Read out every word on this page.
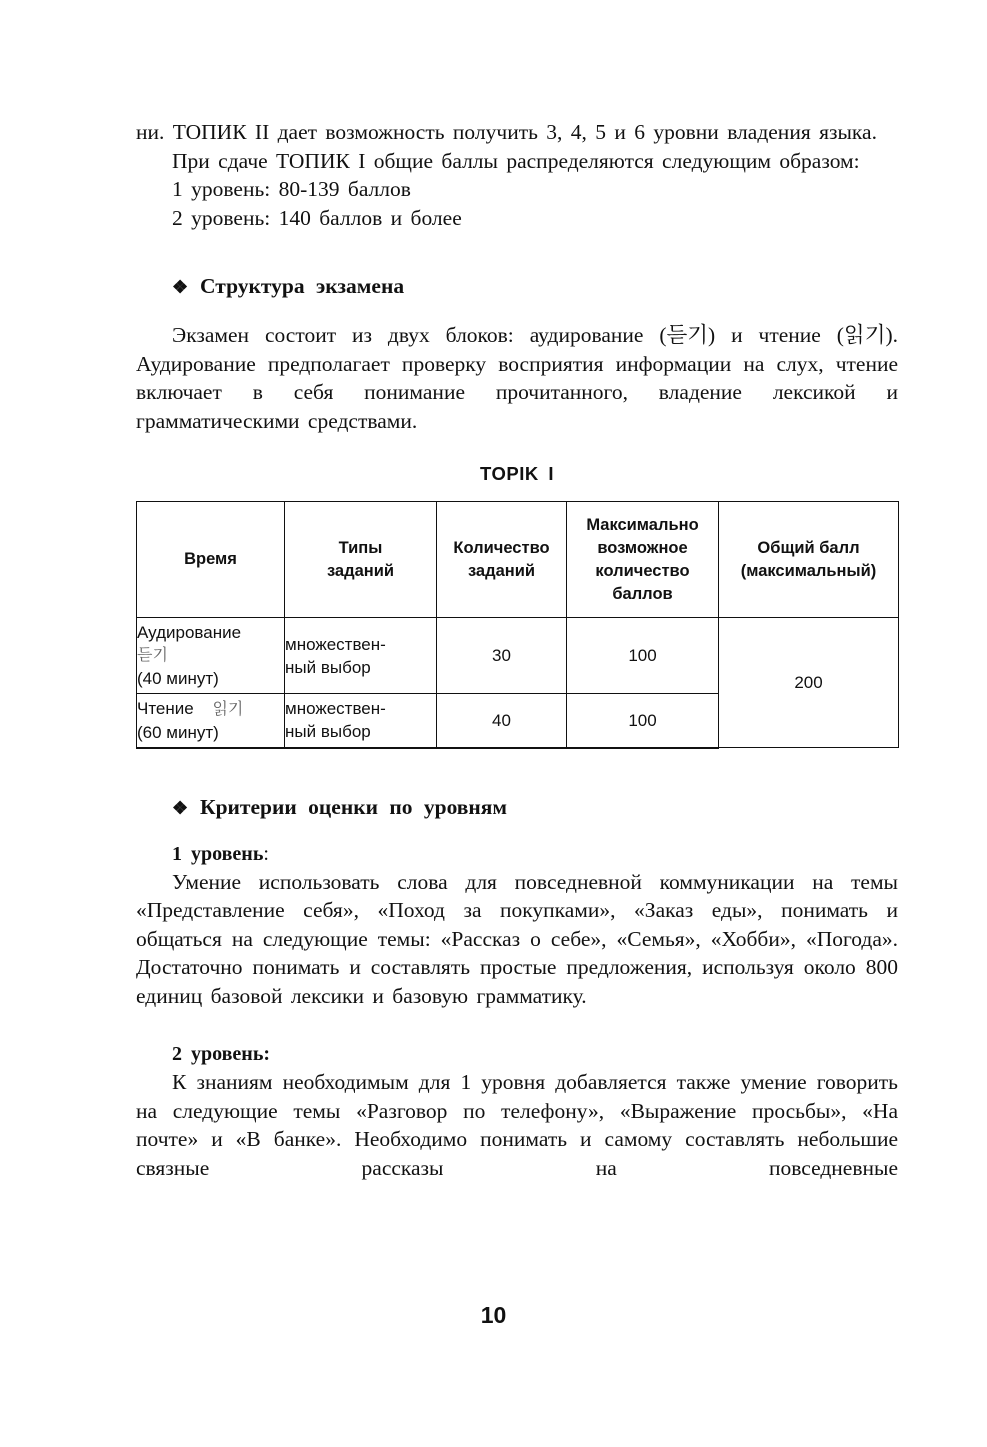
ни. ТОПИК II дает возможность получить 3, 4, 5 и 6 уровни владения языка.

При сдаче ТОПИК I общие баллы распределяются следующим образом:

1 уровень: 80-139 баллов

2 уровень: 140 баллов и более

❖ Структура экзамена

Экзамен состоит из двух блоков: аудирование (듣기) и чтение (읽기). Аудирование предполагает проверку восприятия информации на слух, чтение включает в себя понимание прочитанного, владение лексикой и грамматическими средствами.

TOPIK I

Время	Типы заданий	Количество заданий	Максимально возможное количество баллов	Общий балл (максимальный)

Аудирование
듣기
(40 минут)	множествен-ный выбор	30	100	200

Чтение 읽기
(60 минут)	множествен-ный выбор	40	100	
❖ Критерии оценки по уровням

1 уровень:

Умение использовать слова для повседневной коммуникации на темы «Представление себя», «Поход за покупками», «Заказ еды», понимать и общаться на следующие темы: «Рассказ о себе», «Семья», «Хобби», «Погода». Достаточно понимать и составлять простые предложения, используя около 800 единиц базовой лексики и базовую грамматику.

2 уровень:

К знаниям необходимым для 1 уровня добавляется также умение говорить на следующие темы «Разговор по телефону», «Выражение просьбы», «На почте» и «В банке». Необходимо понимать и самому составлять небольшие связные рассказы на повседневные

10
